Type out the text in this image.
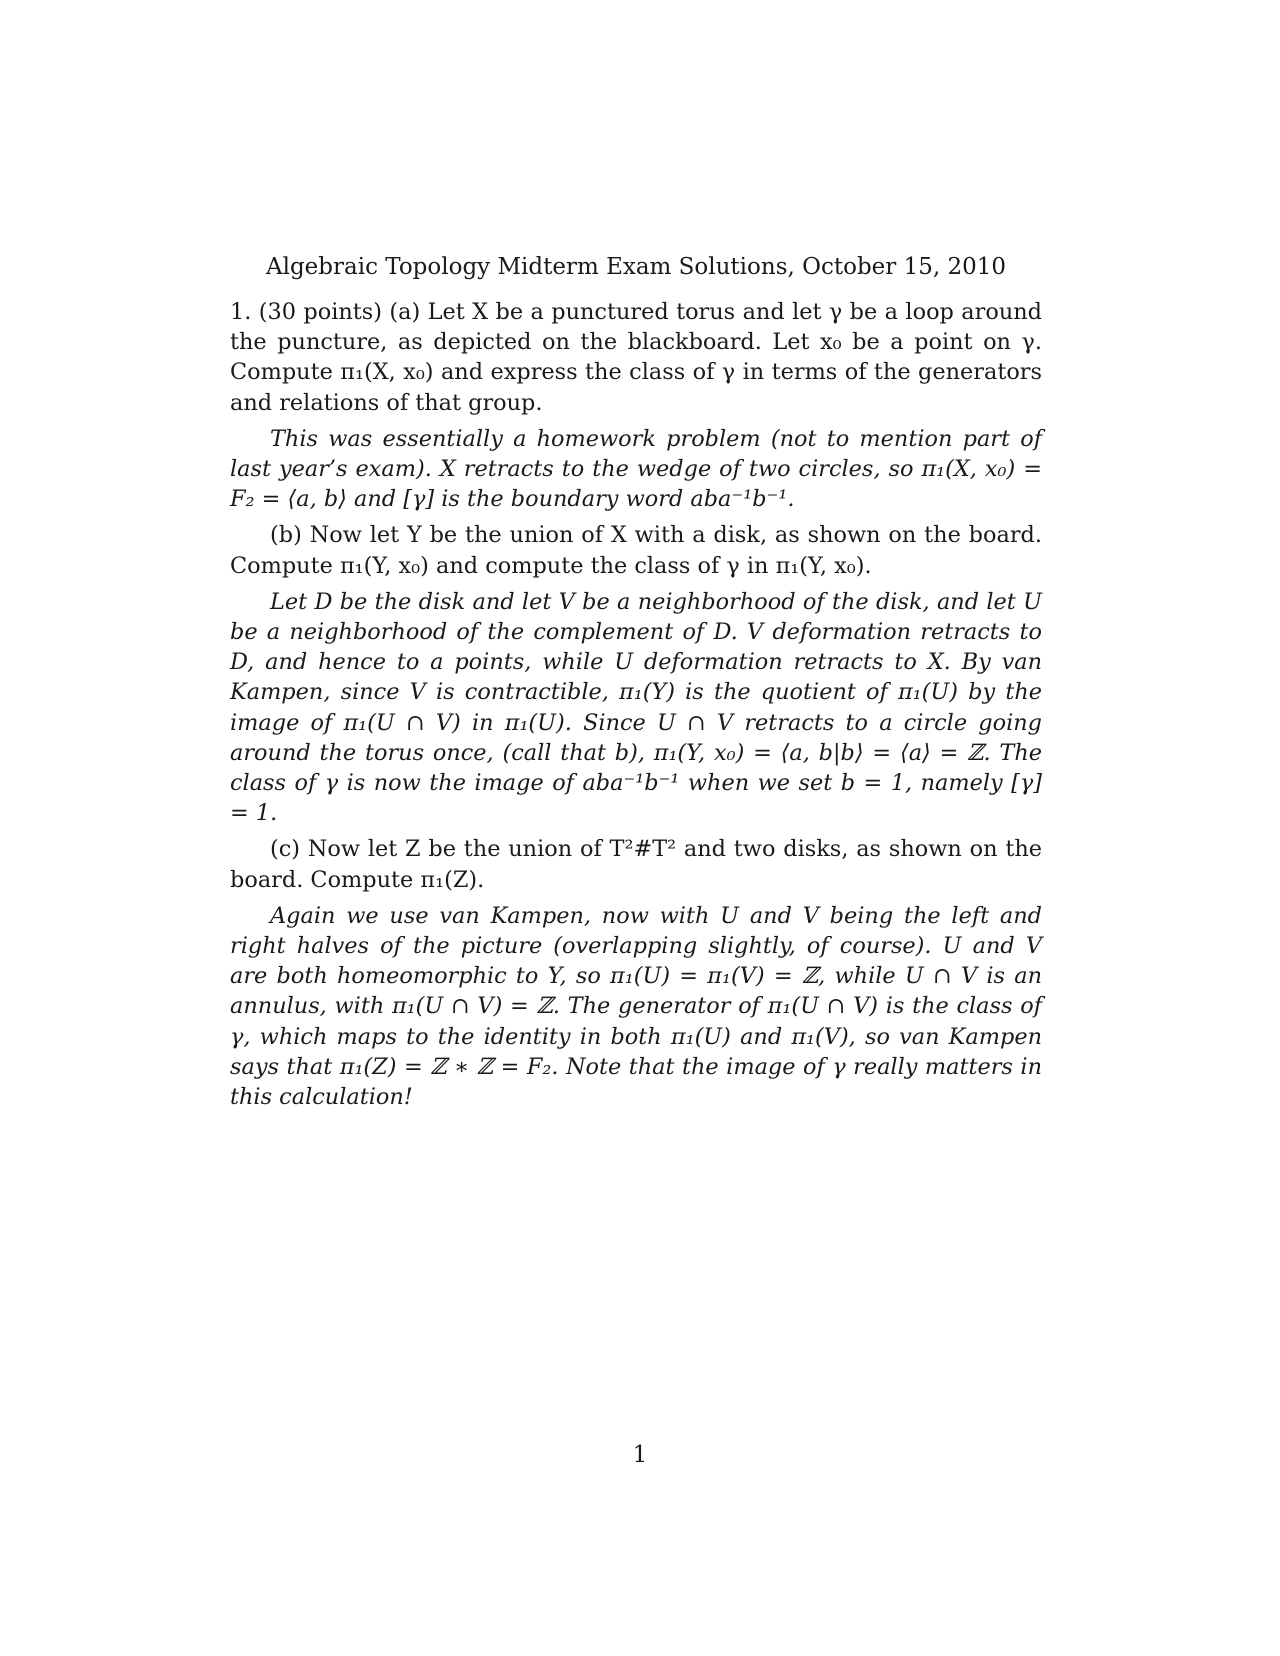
Algebraic Topology Midterm Exam Solutions, October 15, 2010

1. (30 points) (a) Let X be a punctured torus and let γ be a loop around the puncture, as depicted on the blackboard. Let x₀ be a point on γ. Compute π₁(X, x₀) and express the class of γ in terms of the generators and relations of that group.

This was essentially a homework problem (not to mention part of last year’s exam). X retracts to the wedge of two circles, so π₁(X, x₀) = F₂ = ⟨a, b⟩ and [γ] is the boundary word aba⁻¹b⁻¹.

(b) Now let Y be the union of X with a disk, as shown on the board. Compute π₁(Y, x₀) and compute the class of γ in π₁(Y, x₀).

Let D be the disk and let V be a neighborhood of the disk, and let U be a neighborhood of the complement of D. V deformation retracts to D, and hence to a points, while U deformation retracts to X. By van Kampen, since V is contractible, π₁(Y) is the quotient of π₁(U) by the image of π₁(U ∩ V) in π₁(U). Since U ∩ V retracts to a circle going around the torus once, (call that b), π₁(Y, x₀) = ⟨a, b|b⟩ = ⟨a⟩ = ℤ. The class of γ is now the image of aba⁻¹b⁻¹ when we set b = 1, namely [γ] = 1.

(c) Now let Z be the union of T²#T² and two disks, as shown on the board. Compute π₁(Z).

Again we use van Kampen, now with U and V being the left and right halves of the picture (overlapping slightly, of course). U and V are both homeomorphic to Y, so π₁(U) = π₁(V) = ℤ, while U ∩ V is an annulus, with π₁(U ∩ V) = ℤ. The generator of π₁(U ∩ V) is the class of γ, which maps to the identity in both π₁(U) and π₁(V), so van Kampen says that π₁(Z) = ℤ ∗ ℤ = F₂. Note that the image of γ really matters in this calculation!

1
